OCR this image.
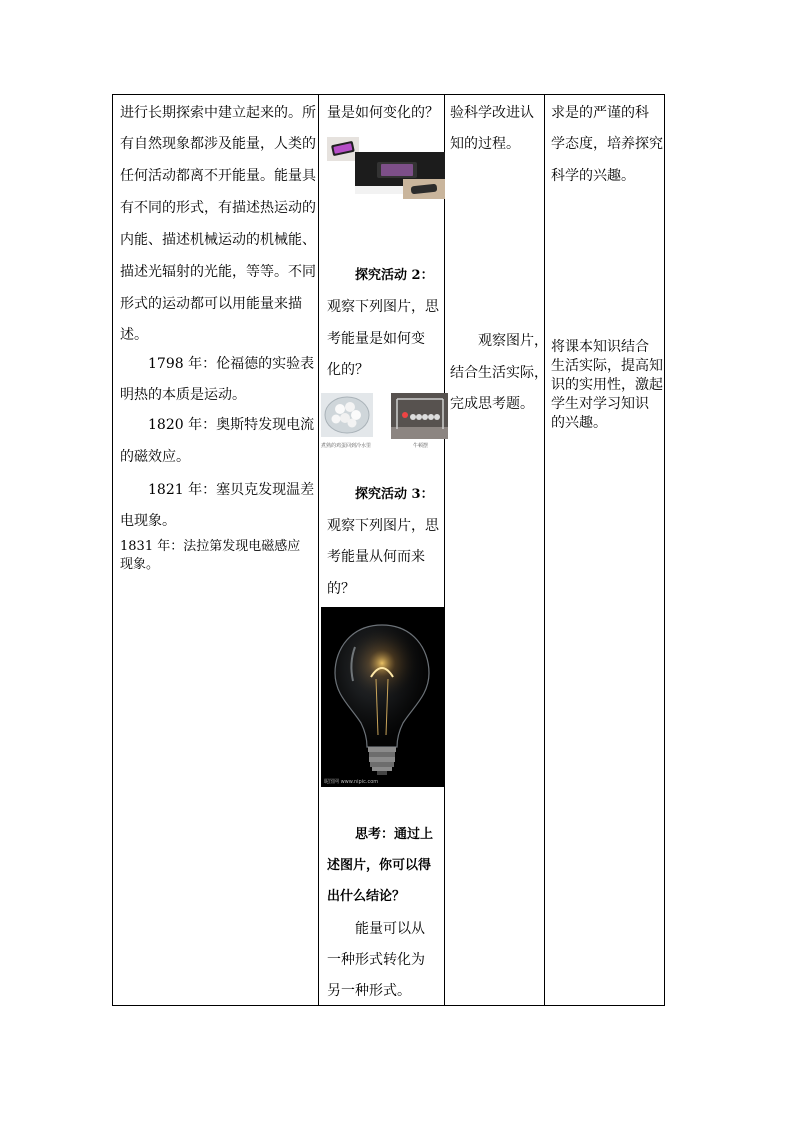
进行长期探索中建立起来的。所
有自然现象都涉及能量，人类的
任何活动都离不开能量。能量具
有不同的形式，有描述热运动的
内能、描述机械运动的机械能、
描述光辐射的光能，等等。不同
形式的运动都可以用能量来描
述。
1798 年：伦福德的实验表
明热的本质是运动。
1820 年：奥斯特发现电流
的磁效应。
1821 年：塞贝克发现温差
电现象。
1831 年：法拉第发现电磁感应
现象。
量是如何变化的？
探究活动 2：
观察下列图片，思
考能量是如何变
化的？
煮熟的鸡蛋回到冷水里	牛顿摆
探究活动 3：
观察下列图片，思
考能量从何而来
的？
昵图网 www.nipic.com
思考：通过上
述图片，你可以得
出什么结论？
能量可以从
一种形式转化为
另一种形式。
验科学改进认
知的过程。
观察图片，
结合生活实际，
完成思考题。
求是的严谨的科
学态度，培养探究
科学的兴趣。
将课本知识结合
生活实际，提高知
识的实用性，激起
学生对学习知识
的兴趣。
